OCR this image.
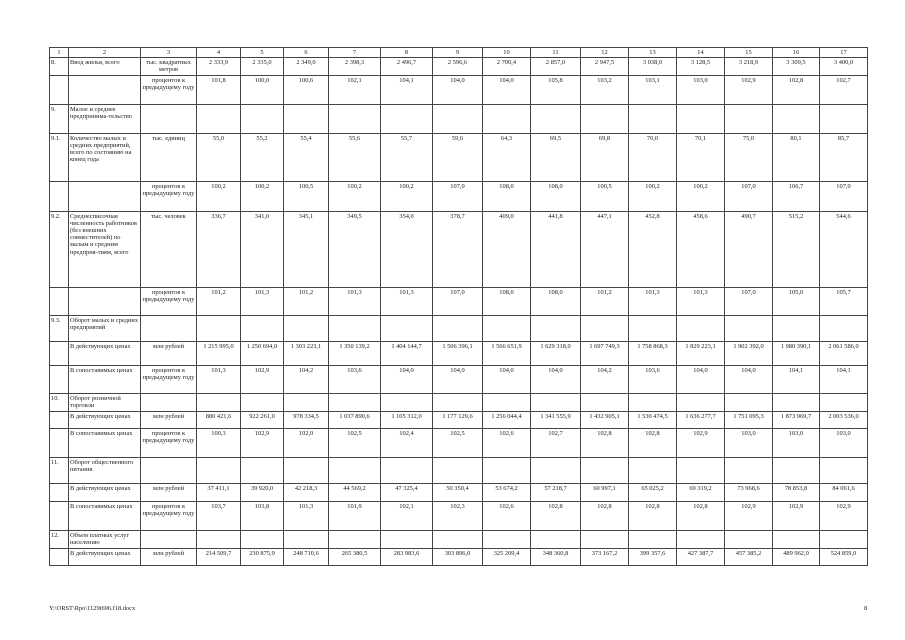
1	2	3	4	5	6	7	8	9	10	11	12	13	14	15	16	17
8.	Ввод жилья, всего	тыс. квадратных метров	2 333,9	2 335,0	2 349,0	2 398,3	2 496,7	2 596,6	2 700,4	2 857,0	2 947,5	3 038,0	3 128,5	3 218,9	3 309,5	3 400,0
		процентов к предыдущему году	101,8	100,0	100,6	102,1	104,1	104,0	104,0	105,8	103,2	103,1	103,0	102,9	102,8	102,7
9.	Малое и среднее предпринима-тельство															
9.1.	Количество малых и средних предприятий, всего по состоянию на конец года	тыс. единиц	55,0	55,2	55,4	55,6	55,7	59,6	64,3	69,5	69,8	70,0	70,1	75,0	80,1	85,7
		процентов к предыдущему году	100,2	100,2	100,5	100,2	100,2	107,0	108,0	108,0	100,5	100,2	100,2	107,0	106,7	107,0
9.2.	Среднесписочная численность работников (без внешних совместителей) по малым и средним предприя-тиям, всего	тыс. человек	336,7	341,0	345,1	349,5	354,0	378,7	409,0	441,8	447,1	452,8	458,6	490,7	515,2	544,6
		процентов к предыдущему году	101,2	101,3	101,2	101,3	101,3	107,0	108,0	108,0	101,2	101,3	101,3	107,0	105,0	105,7
9.3.	Оборот малых и средних предприятий															
	В действующих ценах	млн рублей	1 215 995,0	1 250 694,0	1 303 223,1	1 350 139,2	1 404 144,7	1 506 396,1	1 566 651,9	1 629 318,0	1 697 749,3	1 758 868,3	1 829 223,1	1 902 392,0	1 980 390,1	2 061 586,0
	В сопоставимых ценах	процентов к предыдущему году	101,3	102,9	104,2	103,6	104,0	104,0	104,0	104,0	104,2	103,6	104,0	104,0	104,1	104,1
10.	Оборот розничной торговли															
	В действующих ценах	млн рублей	880 421,6	922 261,0	978 334,5	1 037 890,6	1 105 312,0	1 177 129,6	1 256 044,4	1 341 555,9	1 432 905,1	1 530 474,5	1 636 277,7	1 751 095,3	1 873 969,7	2 003 536,0
	В сопоставимых ценах	процентов к предыдущему году	100,3	102,9	102,0	102,5	102,4	102,5	102,6	102,7	102,8	102,8	102,9	103,0	103,0	103,0
11.	Оборот общественного питания															
	В действующих ценах	млн рублей	37 411,1	39 920,0	42 218,3	44 569,2	47 325,4	50 350,4	53 674,2	57 218,7	60 997,1	65 025,2	69 319,2	73 968,6	78 853,8	84 061,6
	В сопоставимых ценах	процентов к предыдущему году	103,7	103,8	101,3	101,9	102,1	102,3	102,6	102,8	102,8	102,8	102,8	102,9	102,9	102,9
12.	Объем платных услуг населению															
	В действующих ценах	млн рублей	214 509,7	230 875,9	248 710,6	265 380,5	283 983,6	303 896,0	325 209,4	348 360,8	373 167,2	399 357,6	427 387,7	457 385,2	489 962,0	524 859,0
Y:\ORST\Rpo\1129t696.f18.docx	8
